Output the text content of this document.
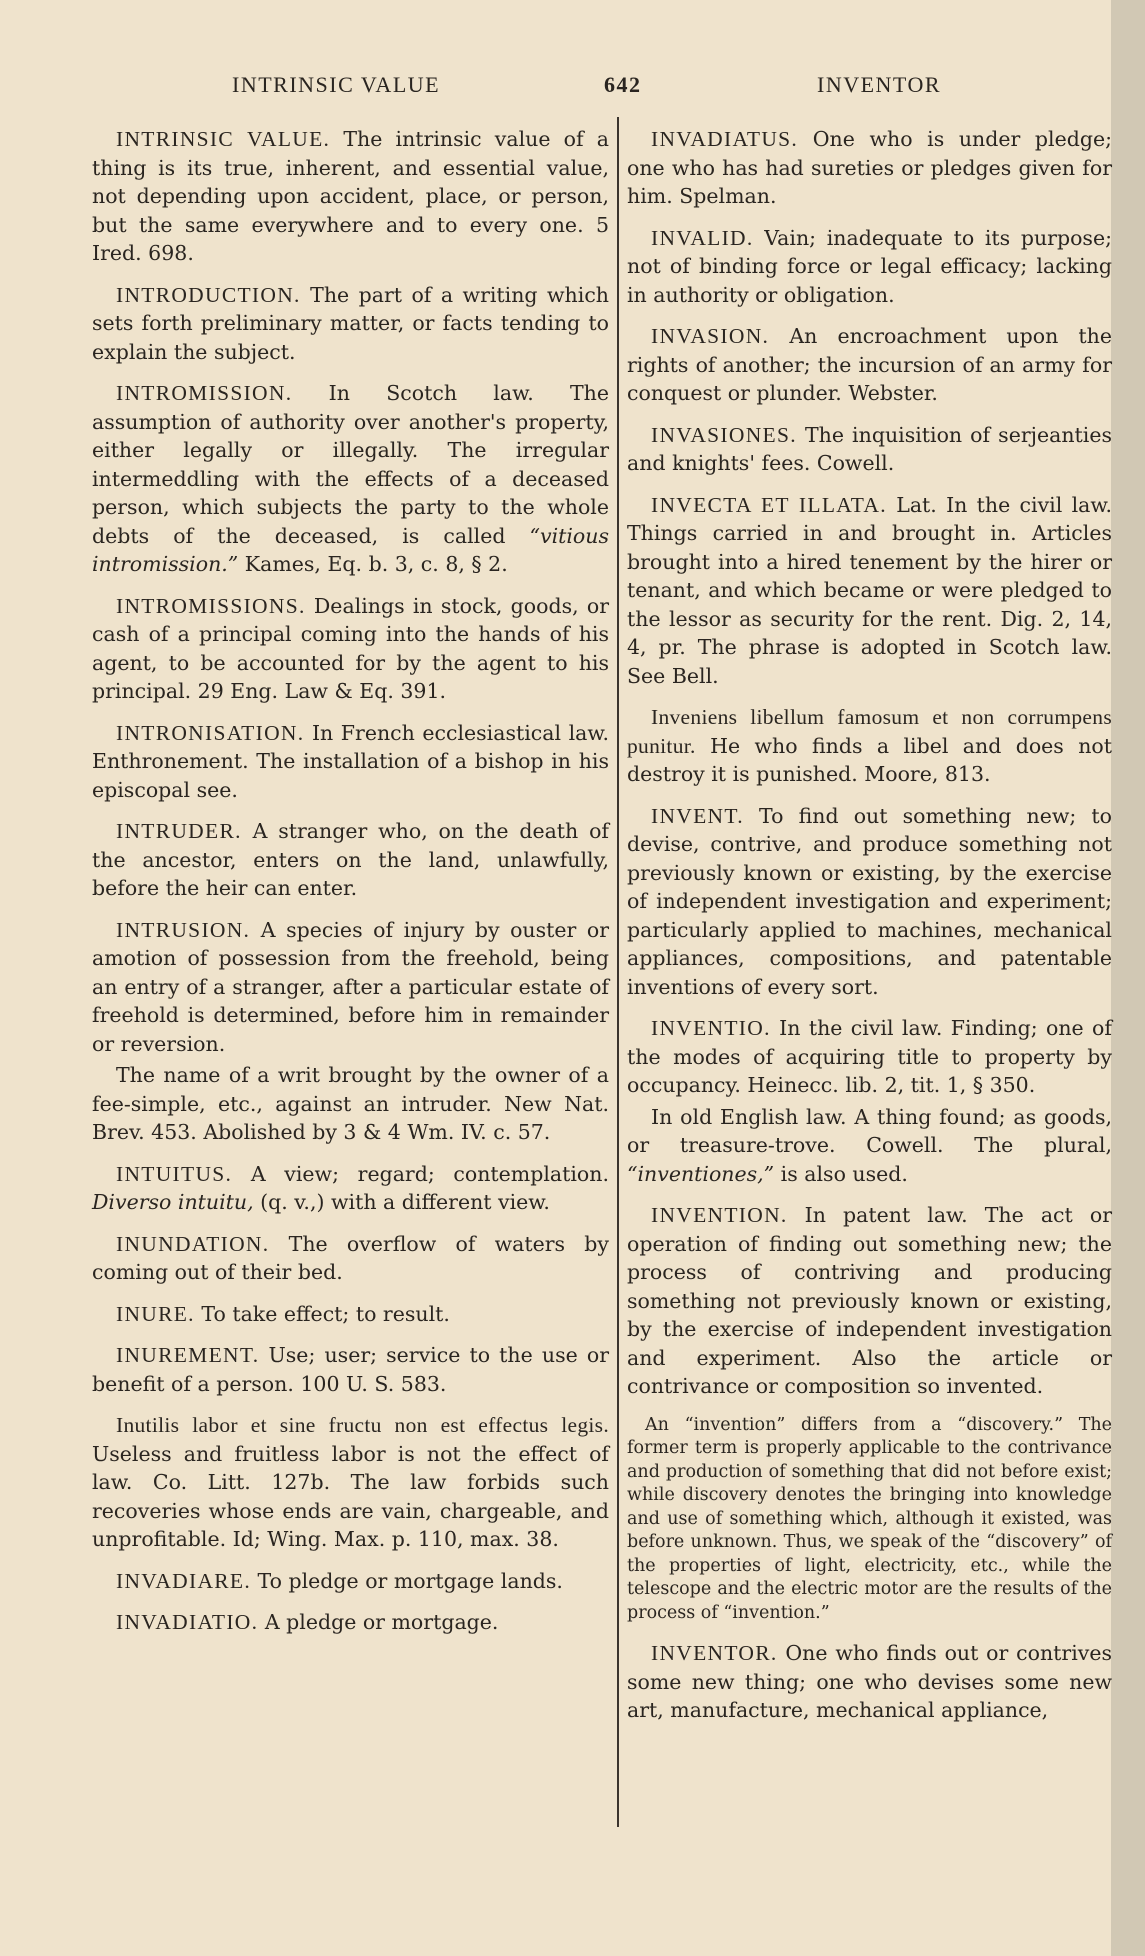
INTRINSIC VALUE	642	INVENTOR

INTRINSIC VALUE. The intrinsic value of a thing is its true, inherent, and essential value, not depending upon accident, place, or person, but the same everywhere and to every one. 5 Ired. 698.

INTRODUCTION. The part of a writing which sets forth preliminary matter, or facts tending to explain the subject.

INTROMISSION. In Scotch law. The assumption of authority over another's property, either legally or illegally. The irregular intermeddling with the effects of a deceased person, which subjects the party to the whole debts of the deceased, is called “vitious intromission.” Kames, Eq. b. 3, c. 8, § 2.

INTROMISSIONS. Dealings in stock, goods, or cash of a principal coming into the hands of his agent, to be accounted for by the agent to his principal. 29 Eng. Law & Eq. 391.

INTRONISATION. In French ecclesiastical law. Enthronement. The installation of a bishop in his episcopal see.

INTRUDER. A stranger who, on the death of the ancestor, enters on the land, unlawfully, before the heir can enter.

INTRUSION. A species of injury by ouster or amotion of possession from the freehold, being an entry of a stranger, after a particular estate of freehold is determined, before him in remainder or reversion.

The name of a writ brought by the owner of a fee-simple, etc., against an intruder. New Nat. Brev. 453. Abolished by 3 & 4 Wm. IV. c. 57.

INTUITUS. A view; regard; contemplation. Diverso intuitu, (q. v.,) with a different view.

INUNDATION. The overflow of waters by coming out of their bed.

INURE. To take effect; to result.

INUREMENT. Use; user; service to the use or benefit of a person. 100 U. S. 583.

Inutilis labor et sine fructu non est effectus legis. Useless and fruitless labor is not the effect of law. Co. Litt. 127b. The law forbids such recoveries whose ends are vain, chargeable, and unprofitable. Id; Wing. Max. p. 110, max. 38.

INVADIARE. To pledge or mortgage lands.

INVADIATIO. A pledge or mortgage.

INVADIATUS. One who is under pledge; one who has had sureties or pledges given for him. Spelman.

INVALID. Vain; inadequate to its purpose; not of binding force or legal efficacy; lacking in authority or obligation.

INVASION. An encroachment upon the rights of another; the incursion of an army for conquest or plunder. Webster.

INVASIONES. The inquisition of serjeanties and knights' fees. Cowell.

INVECTA ET ILLATA. Lat. In the civil law. Things carried in and brought in. Articles brought into a hired tenement by the hirer or tenant, and which became or were pledged to the lessor as security for the rent. Dig. 2, 14, 4, pr. The phrase is adopted in Scotch law. See Bell.

Inveniens libellum famosum et non corrumpens punitur. He who finds a libel and does not destroy it is punished. Moore, 813.

INVENT. To find out something new; to devise, contrive, and produce something not previously known or existing, by the exercise of independent investigation and experiment; particularly applied to machines, mechanical appliances, compositions, and patentable inventions of every sort.

INVENTIO. In the civil law. Finding; one of the modes of acquiring title to property by occupancy. Heinecc. lib. 2, tit. 1, § 350.

In old English law. A thing found; as goods, or treasure-trove. Cowell. The plural, “inventiones,” is also used.

INVENTION. In patent law. The act or operation of finding out something new; the process of contriving and producing something not previously known or existing, by the exercise of independent investigation and experiment. Also the article or contrivance or composition so invented.

An “invention” differs from a “discovery.” The former term is properly applicable to the contrivance and production of something that did not before exist; while discovery denotes the bringing into knowledge and use of something which, although it existed, was before unknown. Thus, we speak of the “discovery” of the properties of light, electricity, etc., while the telescope and the electric motor are the results of the process of “invention.”

INVENTOR. One who finds out or contrives some new thing; one who devises some new art, manufacture, mechanical appliance,
